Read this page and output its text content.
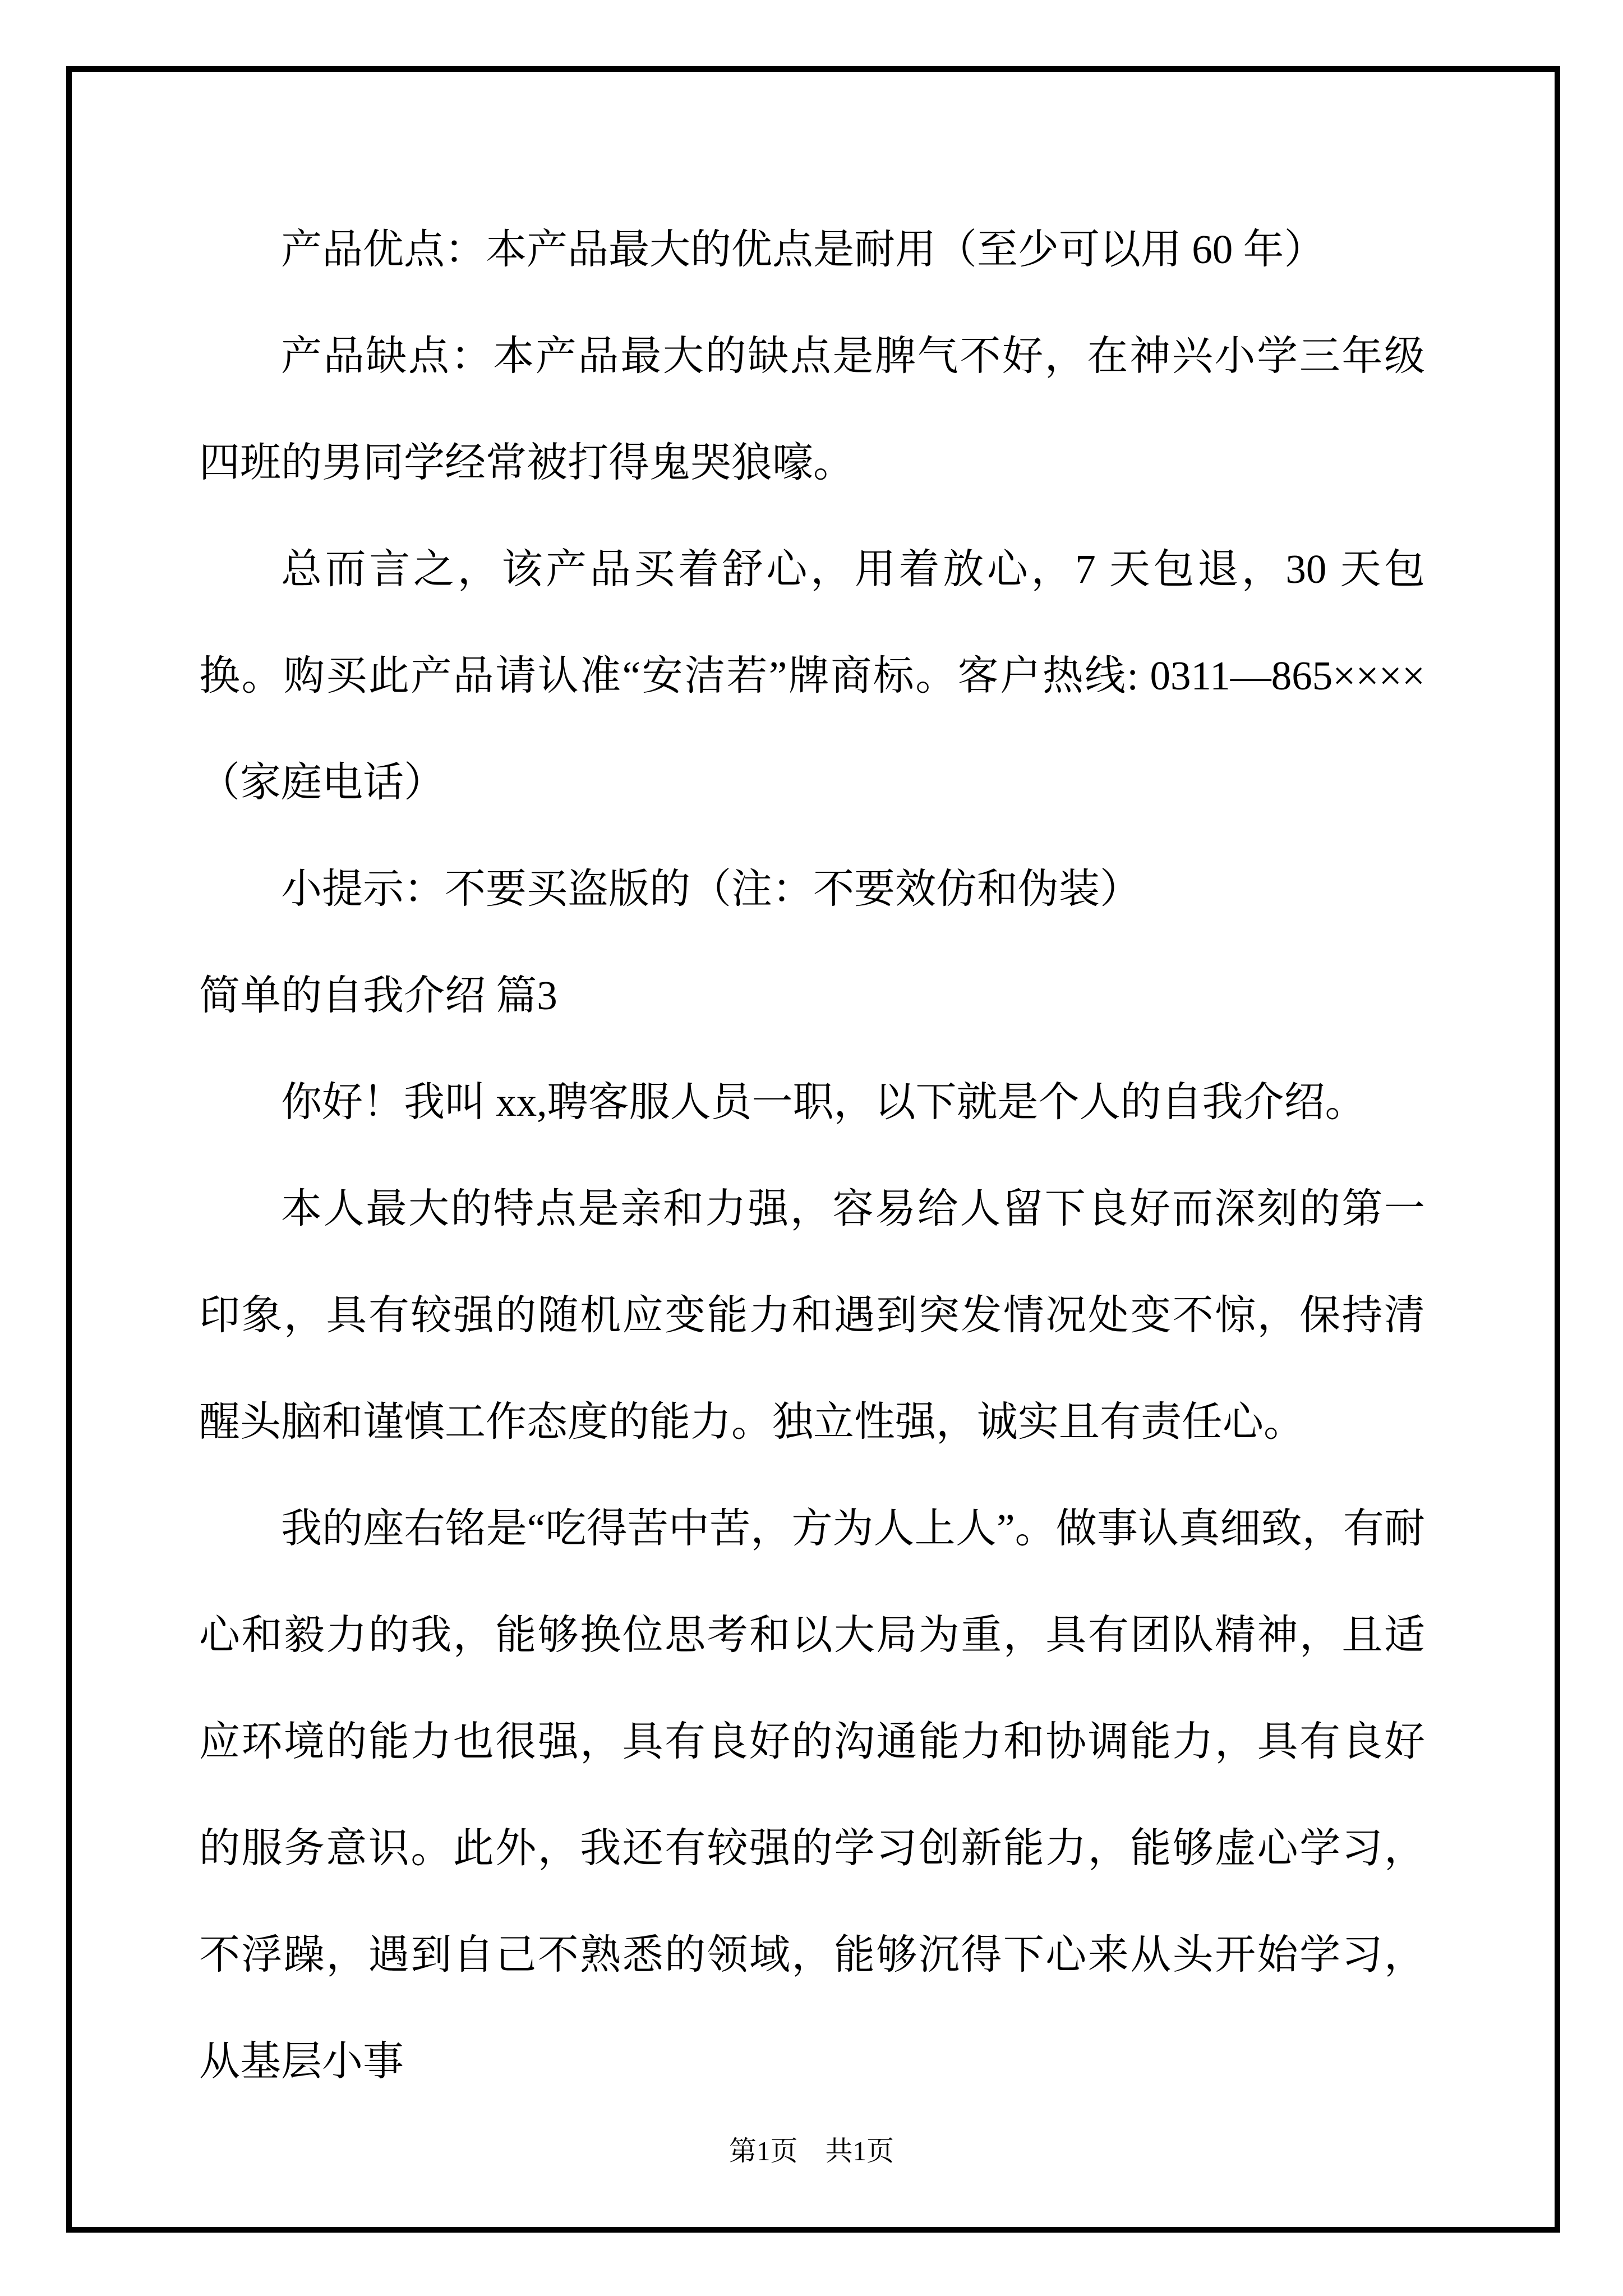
产品优点：本产品最大的优点是耐用（至少可以用 60 年）

产品缺点：本产品最大的缺点是脾气不好，在神兴小学三年级四班的男同学经常被打得鬼哭狼嚎。

总而言之，该产品买着舒心，用着放心，7 天包退，30 天包换。购买此产品请认准“安洁若”牌商标。客户热线: 0311—865××××（家庭电话）

小提示：不要买盗版的（注：不要效仿和伪装）

简单的自我介绍 篇3

你好！我叫 xx,聘客服人员一职，以下就是个人的自我介绍。

本人最大的特点是亲和力强，容易给人留下良好而深刻的第一印象，具有较强的随机应变能力和遇到突发情况处变不惊，保持清醒头脑和谨慎工作态度的能力。独立性强，诚实且有责任心。

我的座右铭是“吃得苦中苦，方为人上人”。做事认真细致，有耐心和毅力的我，能够换位思考和以大局为重，具有团队精神，且适应环境的能力也很强，具有良好的沟通能力和协调能力，具有良好的服务意识。此外，我还有较强的学习创新能力，能够虚心学习，不浮躁，遇到自己不熟悉的领域，能够沉得下心来从头开始学习，从基层小事

第1页　共1页
